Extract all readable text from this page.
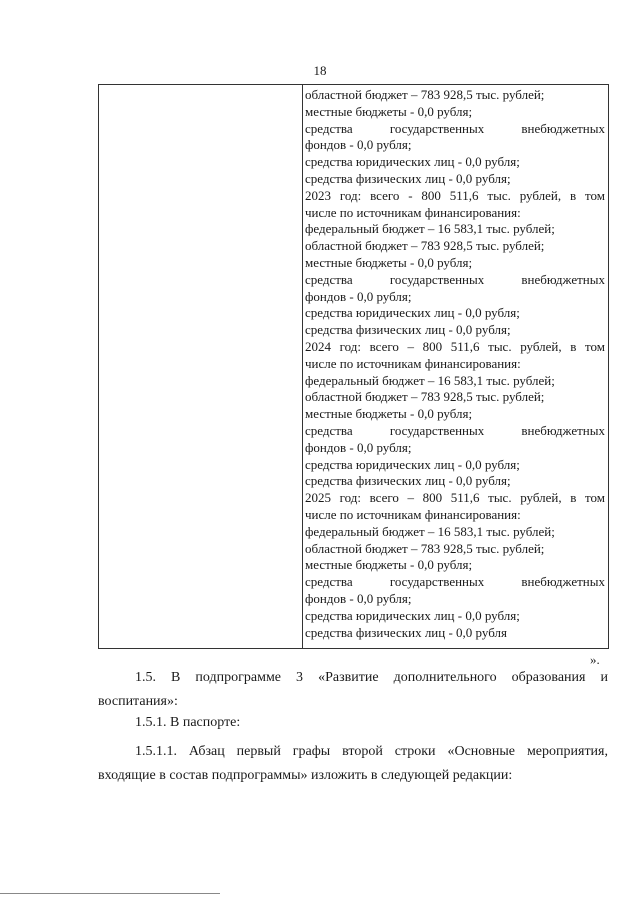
18
областной бюджет – 783 928,5 тыс. рублей;
местные бюджеты - 0,0 рубля;
средства государственных внебюджетных
фондов - 0,0 рубля;
средства юридических лиц - 0,0 рубля;
средства физических лиц - 0,0 рубля;
2023 год: всего - 800 511,6 тыс. рублей, в том
числе по источникам финансирования:
федеральный бюджет – 16 583,1 тыс. рублей;
областной бюджет – 783 928,5 тыс. рублей;
местные бюджеты - 0,0 рубля;
средства государственных внебюджетных
фондов - 0,0 рубля;
средства юридических лиц - 0,0 рубля;
средства физических лиц - 0,0 рубля;
2024 год: всего – 800 511,6 тыс. рублей, в том
числе по источникам финансирования:
федеральный бюджет – 16 583,1 тыс. рублей;
областной бюджет – 783 928,5 тыс. рублей;
местные бюджеты - 0,0 рубля;
средства государственных внебюджетных
фондов - 0,0 рубля;
средства юридических лиц - 0,0 рубля;
средства физических лиц - 0,0 рубля;
2025 год: всего – 800 511,6 тыс. рублей, в том
числе по источникам финансирования:
федеральный бюджет – 16 583,1 тыс. рублей;
областной бюджет – 783 928,5 тыс. рублей;
местные бюджеты - 0,0 рубля;
средства государственных внебюджетных
фондов - 0,0 рубля;
средства юридических лиц - 0,0 рубля;
средства физических лиц - 0,0 рубля
».
1.5. В подпрограмме 3 «Развитие дополнительного образования и
воспитания»:
1.5.1. В паспорте:
1.5.1.1. Абзац первый графы второй строки «Основные мероприятия,
входящие в состав подпрограммы» изложить в следующей редакции:
